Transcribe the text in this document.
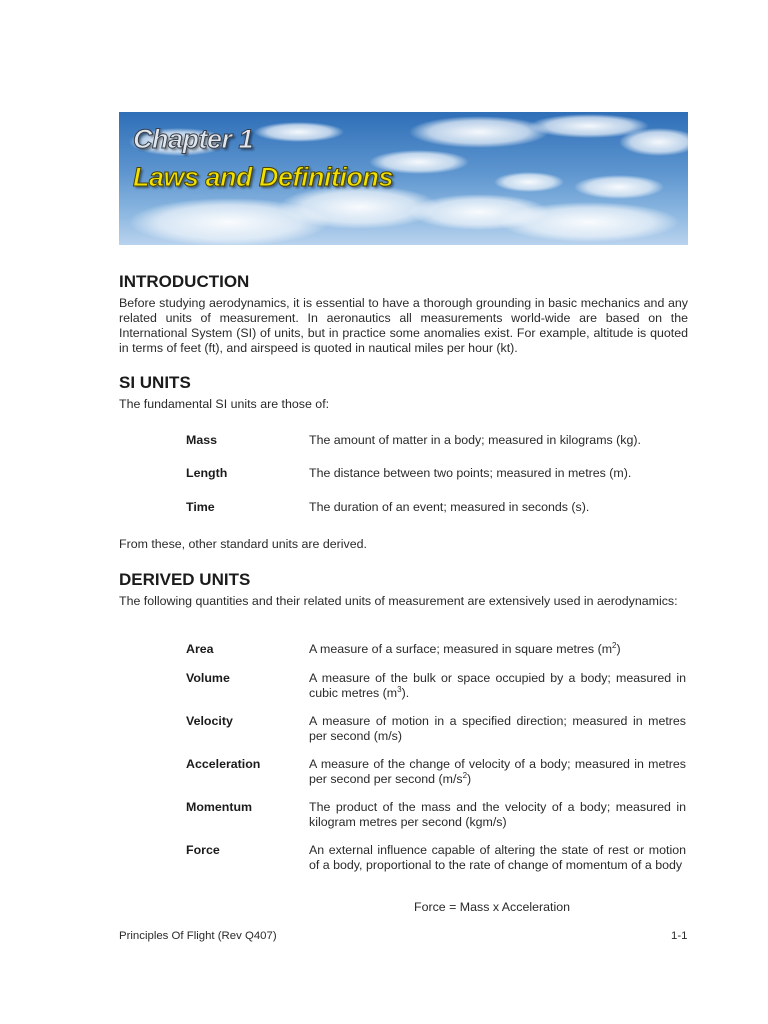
Chapter 1
Laws and Definitions
INTRODUCTION

Before studying aerodynamics, it is essential to have a thorough grounding in basic mechanics and any related units of measurement. In aeronautics all measurements world-wide are based on the International System (SI) of units, but in practice some anomalies exist. For example, altitude is quoted in terms of feet (ft), and airspeed is quoted in nautical miles per hour (kt).

SI UNITS

The fundamental SI units are those of:

Mass	The amount of matter in a body; measured in kilograms (kg).
Length	The distance between two points; measured in metres (m).
Time	The duration of an event; measured in seconds (s).

From these, other standard units are derived.

DERIVED UNITS

The following quantities and their related units of measurement are extensively used in aerodynamics:

Area	A measure of a surface; measured in square metres $(m^2)$
Volume	A measure of the bulk or space occupied by a body; measured in cubic metres $(m^3)$.
Velocity	A measure of motion in a specified direction; measured in metres per second (m/s)
Acceleration	A measure of the change of velocity of a body; measured in metres per second per second $(m/s^2)$
Momentum	The product of the mass and the velocity of a body; measured in kilogram metres per second (kgm/s)
Force	An external influence capable of altering the state of rest or motion of a body, proportional to the rate of change of momentum of a body
Force = Mass x Acceleration
Principles Of Flight (Rev Q407)	1-1
